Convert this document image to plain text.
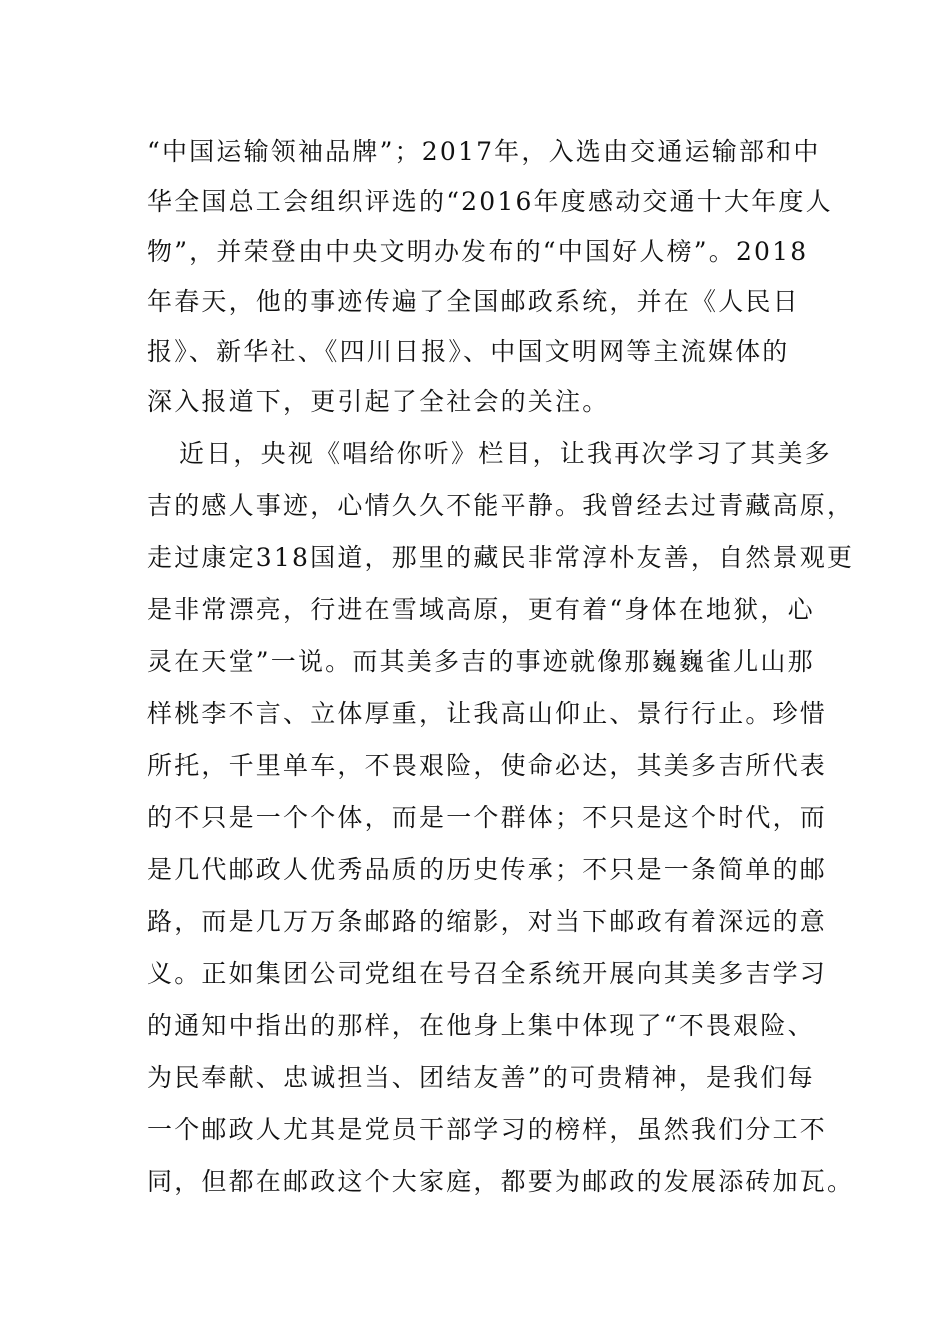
“中国运输领袖品牌”；2017年，入选由交通运输部和中
华全国总工会组织评选的“2016年度感动交通十大年度人
物”，并荣登由中央文明办发布的“中国好人榜”。2018
年春天，他的事迹传遍了全国邮政系统，并在《人民日
报》、新华社、《四川日报》、中国文明网等主流媒体的
深入报道下，更引起了全社会的关注。
近日，央视《唱给你听》栏目，让我再次学习了其美多
吉的感人事迹，心情久久不能平静。我曾经去过青藏高原，
走过康定318国道，那里的藏民非常淳朴友善，自然景观更
是非常漂亮，行进在雪域高原，更有着“身体在地狱，心
灵在天堂”一说。而其美多吉的事迹就像那巍巍雀儿山那
样桃李不言、立体厚重，让我高山仰止、景行行止。珍惜
所托，千里单车，不畏艰险，使命必达，其美多吉所代表
的不只是一个个体，而是一个群体；不只是这个时代，而
是几代邮政人优秀品质的历史传承；不只是一条简单的邮
路，而是几万万条邮路的缩影，对当下邮政有着深远的意
义。正如集团公司党组在号召全系统开展向其美多吉学习
的通知中指出的那样，在他身上集中体现了“不畏艰险、
为民奉献、忠诚担当、团结友善”的可贵精神，是我们每
一个邮政人尤其是党员干部学习的榜样，虽然我们分工不
同，但都在邮政这个大家庭，都要为邮政的发展添砖加瓦。
